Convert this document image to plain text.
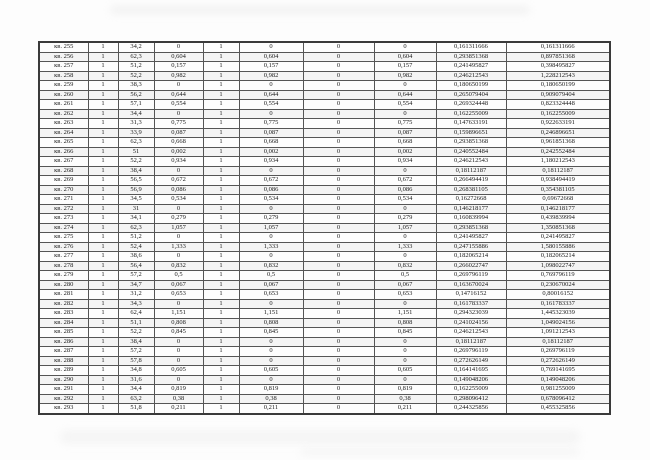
кв. 255	1	34,2	0	1	0	0	0	0,161311666	0,161311666
кв. 256	1	62,3	0,604	1	0,604	0	0,604	0,293851368	0,897851368
кв. 257	1	51,2	0,157	1	0,157	0	0,157	0,241495827	0,398495827
кв. 258	1	52,2	0,982	1	0,982	0	0,982	0,246212543	1,228212543
кв. 259	1	38,3	0	1	0	0	0	0,180650199	0,180650199
кв. 260	1	56,2	0,644	1	0,644	0	0,644	0,265079404	0,909079404
кв. 261	1	57,1	0,554	1	0,554	0	0,554	0,269324448	0,823324448
кв. 262	1	34,4	0	1	0	0	0	0,162255009	0,162255009
кв. 263	1	31,3	0,775	1	0,775	0	0,775	0,147633191	0,922633191
кв. 264	1	33,9	0,087	1	0,087	0	0,087	0,159896651	0,246896651
кв. 265	1	62,3	0,668	1	0,668	0	0,668	0,293851368	0,961851368
кв. 266	1	51	0,002	1	0,002	0	0,002	0,240552484	0,242552484
кв. 267	1	52,2	0,934	1	0,934	0	0,934	0,246212543	1,180212543
кв. 268	1	38,4	0	1	0	0	0	0,18112187	0,18112187
кв. 269	1	56,5	0,672	1	0,672	0	0,672	0,266494419	0,938494419
кв. 270	1	56,9	0,086	1	0,086	0	0,086	0,268381105	0,354381105
кв. 271	1	34,5	0,534	1	0,534	0	0,534	0,16272668	0,69672668
кв. 272	1	31	0	1	0	0	0	0,146218177	0,146218177
кв. 273	1	34,1	0,279	1	0,279	0	0,279	0,160839994	0,439839994
кв. 274	1	62,3	1,057	1	1,057	0	1,057	0,293851368	1,350851368
кв. 275	1	51,2	0	1	0	0	0	0,241495827	0,241495827
кв. 276	1	52,4	1,333	1	1,333	0	1,333	0,247155886	1,580155886
кв. 277	1	38,6	0	1	0	0	0	0,182065214	0,182065214
кв. 278	1	56,4	0,832	1	0,832	0	0,832	0,266022747	1,098022747
кв. 279	1	57,2	0,5	1	0,5	0	0,5	0,269796119	0,769796119
кв. 280	1	34,7	0,067	1	0,067	0	0,067	0,163670024	0,230670024
кв. 281	1	31,2	0,653	1	0,653	0	0,653	0,14716152	0,80016152
кв. 282	1	34,3	0	1	0	0	0	0,161783337	0,161783337
кв. 283	1	62,4	1,151	1	1,151	0	1,151	0,294323039	1,445323039
кв. 284	1	51,1	0,808	1	0,808	0	0,808	0,241024156	1,049024156
кв. 285	1	52,2	0,845	1	0,845	0	0,845	0,246212543	1,091212543
кв. 286	1	38,4	0	1	0	0	0	0,18112187	0,18112187
кв. 287	1	57,2	0	1	0	0	0	0,269796119	0,269796119
кв. 288	1	57,8	0	1	0	0	0	0,272626149	0,272626149
кв. 289	1	34,8	0,605	1	0,605	0	0,605	0,164141695	0,769141695
кв. 290	1	31,6	0	1	0	0	0	0,149048206	0,149048206
кв. 291	1	34,4	0,819	1	0,819	0	0,819	0,162255009	0,981255009
кв. 292	1	63,2	0,38	1	0,38	0	0,38	0,298096412	0,678096412
кв. 293	1	51,8	0,211	1	0,211	0	0,211	0,244325856	0,455325856
